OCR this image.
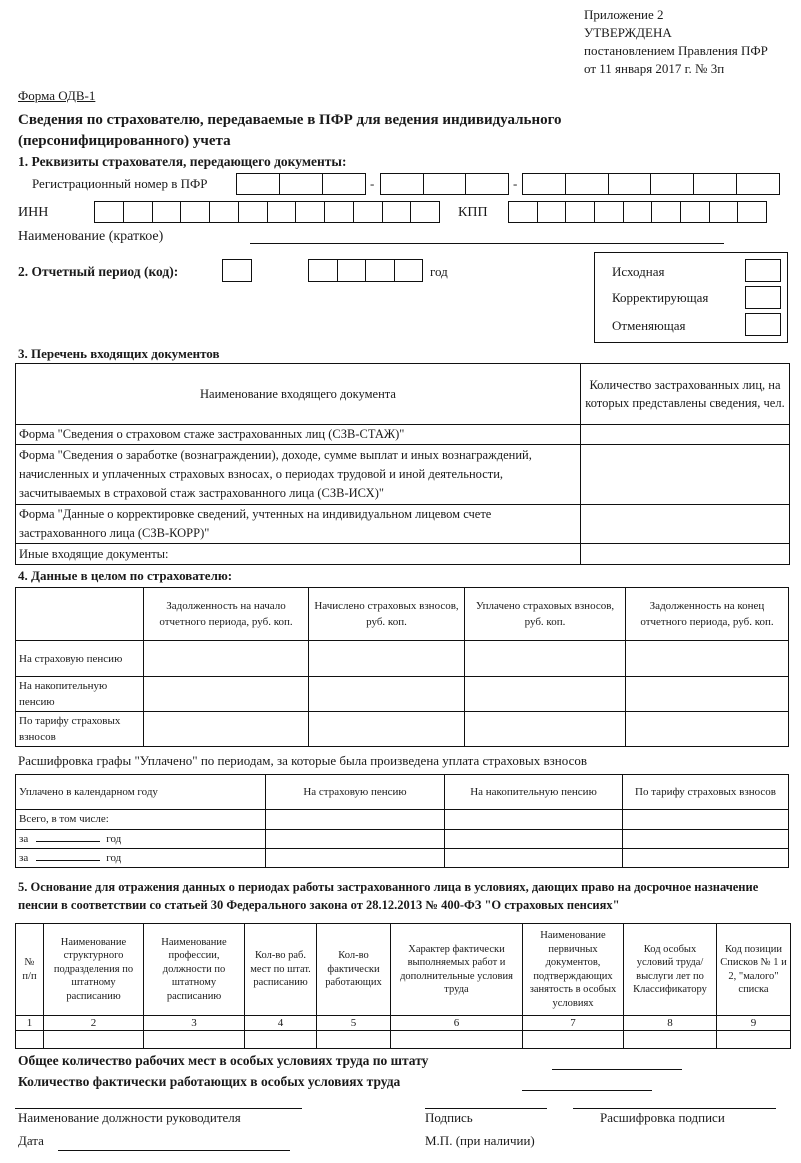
Приложение 2
УТВЕРЖДЕНА
постановлением Правления ПФР
от 11 января 2017 г. № 3п
Форма ОДВ-1
Сведения по страхователю, передаваемые в ПФР для ведения индивидуального (персонифицированного) учета
1. Реквизиты страхователя, передающего документы:
Регистрационный номер в ПФР	-	-
ИНН	КПП
Наименование (краткое)
2. Отчетный период (код):	год	Исходная
Корректирующая
Отменяющая
3. Перечень входящих документов
Наименование входящего документа	Количество застрахованных лиц, на которых представлены сведения, чел.
Форма "Сведения о страховом стаже застрахованных лиц (СЗВ-СТАЖ)"	
Форма "Сведения о заработке (вознаграждении), доходе, сумме выплат и иных вознаграждений, начисленных и уплаченных страховых взносах, о периодах трудовой и иной деятельности, засчитываемых в страховой стаж застрахованного лица (СЗВ-ИСХ)"	
Форма "Данные о корректировке сведений, учтенных на индивидуальном лицевом счете застрахованного лица (СЗВ-КОРР)"	
Иные входящие документы:	
4. Данные в целом по страхователю:
	Задолженность на начало отчетного периода, руб. коп.	Начислено страховых взносов, руб. коп.	Уплачено страховых взносов, руб. коп.	Задолженность на конец отчетного периода, руб. коп.
На страховую пенсию				
На накопительную пенсию				
По тарифу страховых взносов				
Расшифровка графы "Уплачено" по периодам, за которые была произведена уплата страховых взносов
Уплачено в календарном году	На страховую пенсию	На накопительную пенсию	По тарифу страховых взносов
Всего, в том числе:			
за год			
за год			
5. Основание для отражения данных о периодах работы застрахованного лица в условиях, дающих право на досрочное назначение пенсии в соответствии со статьей 30 Федерального закона от 28.12.2013 № 400-ФЗ "О страховых пенсиях"
№ п/п	Наименование структурного подразделения по штатному расписанию	Наименование профессии, должности по штатному расписанию	Кол-во раб. мест по штат. расписанию	Кол-во фактически работающих	Характер фактически выполняемых работ и дополнительные условия труда	Наименование первичных документов, подтверждающих занятость в особых условиях	Код особых условий труда/ выслуги лет по Классификатору	Код позиции Списков № 1 и 2, "малого" списка
1	2	3	4	5	6	7	8	9

Общее количество рабочих мест в особых условиях труда по штату
Количество фактически работающих в особых условиях труда
Наименование должности руководителя	Подпись	Расшифровка подписи
Дата	М.П. (при наличии)
